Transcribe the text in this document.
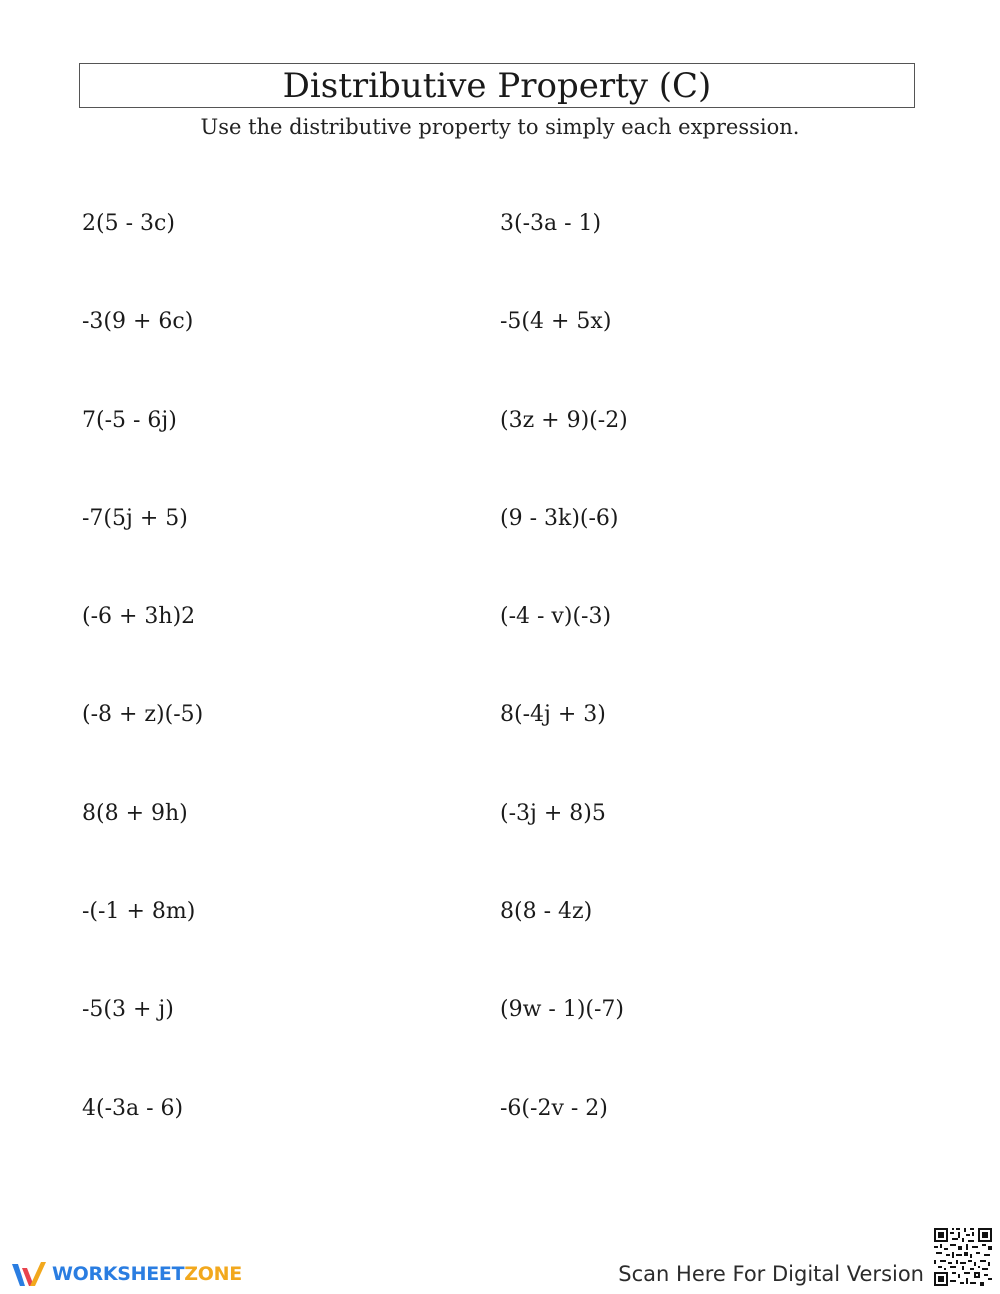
Distributive Property (C)
Use the distributive property to simply each expression.
2(5 - 3c)	3(-3a - 1)
-3(9 + 6c)	-5(4 + 5x)
7(-5 - 6j)	(3z + 9)(-2)
-7(5j + 5)	(9 - 3k)(-6)
(-6 + 3h)2	(-4 - v)(-3)
(-8 + z)(-5)	8(-4j + 3)
8(8 + 9h)	(-3j + 8)5
-(-1 + 8m)	8(8 - 4z)
-5(3 + j)	(9w - 1)(-7)
4(-3a - 6)	-6(-2v - 2)
WORKSHEETZONE	Scan Here For Digital Version
